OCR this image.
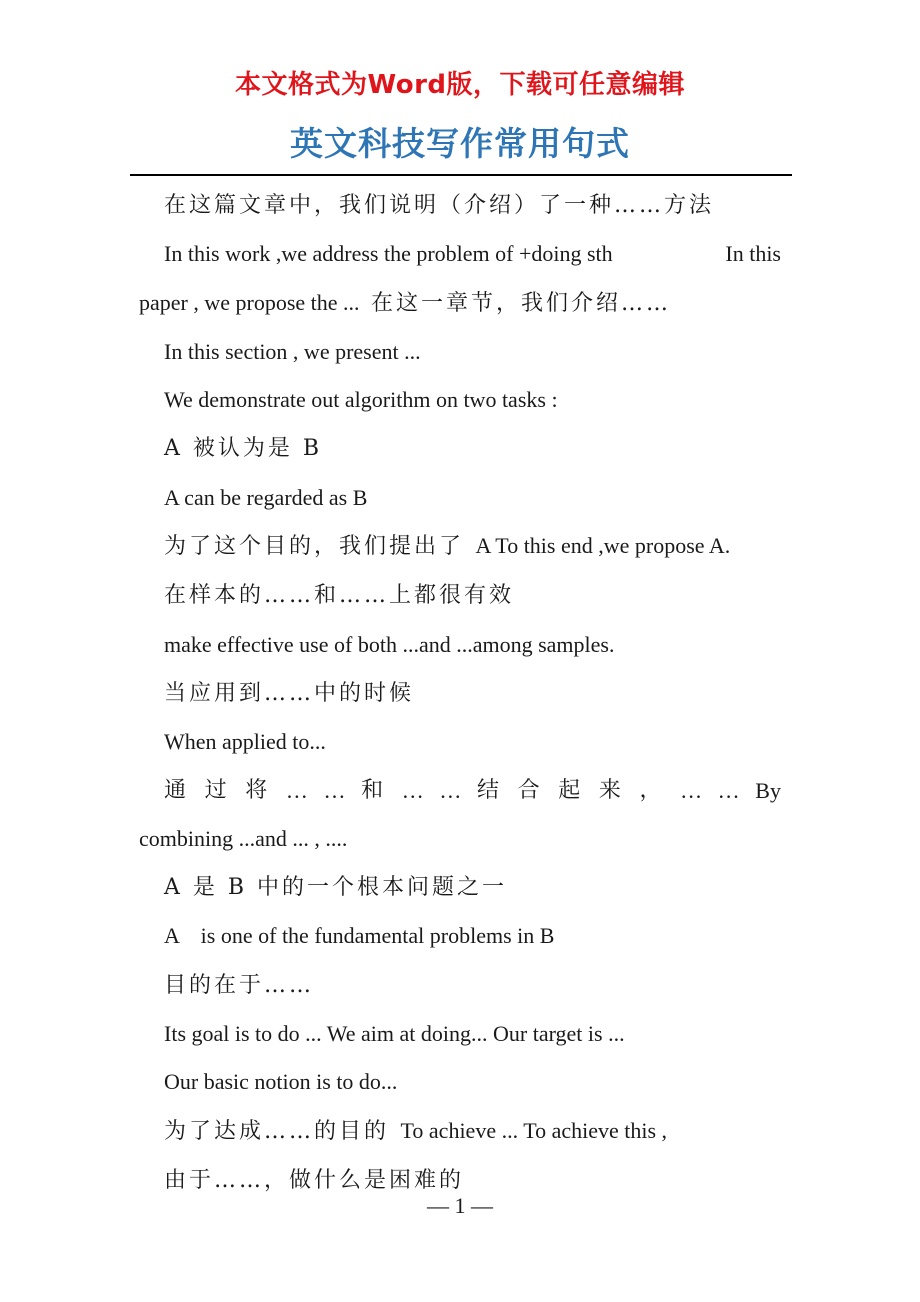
本文格式为Word版，下载可任意编辑
英文科技写作常用句式

在这篇文章中，我们说明（介绍）了一种……方法

In this work ,we address the problem of +doing sth	In this

paper , we propose the ... 在这一章节，我们介绍……

In this section , we present ...

We demonstrate out algorithm on two tasks :

A 被认为是 B

A can be regarded as B

为了这个目的，我们提出了 A To this end ,we propose A.

在样本的……和……上都很有效

make effective use of both ...and ...among samples.

当应用到……中的时候

When applied to...

通 过 将 … … 和 … … 结 合 起 来 ， … … By

combining ...and ... , ....

A 是 B 中的一个根本问题之一

A    is one of the fundamental problems in B

目的在于……

Its goal is to do ... We aim at doing... Our target is ...

Our basic notion is to do...

为了达成……的目的 To achieve ... To achieve this ,

由于……，做什么是困难的

— 1 —
